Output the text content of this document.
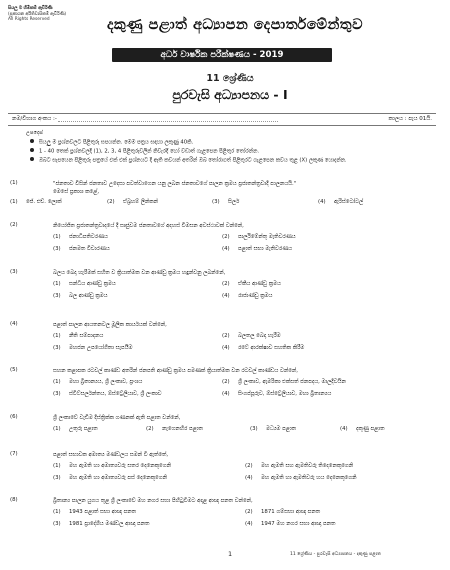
සියලු ම හිමිකම් ඇවිරිණි
(ප්‍රකාශන අයිතිවාසිකම් ඇවිරිණි)
All Rights Reserved	දකුණු පළාත් අධ්‍යාපන දෙපාර්තමේන්තුව
අර්ධ වාර්ෂික පරීක්ෂණය - 2019
11 ශ්‍රේණිය
පුරවැසි අධ්‍යාපනය - I
නම/විභාග අංකය :-	කාලය : පැය 01යි.
උපදෙස්
සියලු ම ප්‍රශ්නවලට පිළිතුරු සපයන්න. මෙම පත්‍රය සඳහා ලකුණු 40කි.
1 - 40 තෙක් ප්‍රශ්නවලදී (1), 2, 3, 4 පිළිතුරුවලින් නිවැරදි හෝ වඩාත් ගැළපෙන පිළිතුර තෝරන්න.
ඔබට සැපයෙන පිළිතුරු පත්‍රයේ එක් එක් ප්‍රශ්නයට දී ඇති කවයන් අතරින් ඔබ තෝරාගත් පිළිතුරට ගැළපෙන කවය තුළ (X) ලකුණ යොදන්න.
(1)	"ජනතාව විසින් ජනතාව උදෙසා පවත්වාගෙන යනු ලබන ජනතාවගේ පාලන ක්‍රමය ප්‍රජාතන්ත්‍රවාදී පාලනයයි."
මෙසේ ප්‍රකාශ කළේ,
(1) ජේ. එච්. ලොක්	(2) ඒබ්‍රහම් ලින්කන්	(3) සිලර්	(4) ඇරිස්ටෝටල්
(2)	නියෝජිත ප්‍රජාතන්ත්‍රවාදයේ දී සෘජුවම ජනතාවගේ අදහස් විමසන අවස්ථාවක් වන්නේ,
(1) ජනාධිපතිවරණය	(2) පාර්ලිමේන්තු මැතිවරණය
(3) ජනමත විචාරණය	(4) පළාත් සභා මැතිවරණය
(3)	බලය බෙදා හැරීමක් සහිත ව ක්‍රියාත්මක වන ආණ්ඩු ක්‍රමය හඳුන්වනු ලබන්නේ,
(1) සන්ධීය ආණ්ඩු ක්‍රමය	(2) ඒකීය ආණ්ඩු ක්‍රමය
(3) බල ආණ්ඩු ක්‍රමය	(4) රාජාණ්ඩු ක්‍රමය
(4)	පළාත් පාලන ආයතනවල මූලික කාර්යයක් වන්නේ,
(1) නීති සම්පාදනය	(2) බලතල බෙදා හැරීම
(3) මහජන උපයෝගිතා සැපයීම	(4) රටේ ආරක්ෂාව සහතික කිරීම
(5)	සහන කළාපක රටවල් කාණ්ඩ අතරින් ජනපති ආණ්ඩු ක්‍රමය පමණක් ක්‍රියාත්මක වන රටවල් කාණ්ඩය වන්නේ,
(1) මහා බ්‍රිතාන්‍යය, ශ්‍රී ලංකාව, ප්‍රංශය	(2) ශ්‍රී ලංකාව, ඇමරිකා එක්සත් ජනපදය, මාලදිවයින
(3) ස්විට්සර්ලන්තය, ඕස්ට්‍රේලියාව, ශ්‍රී ලංකාව	(4) සිංගප්පූරුව, ඕස්ට්‍රේලියාව, මහා බ්‍රිතාන්‍යය
(6)	ශ්‍රී ලංකාවේ වැඩිම දිස්ත්‍රික්ක ගණනක් ඇති පළාත වන්නේ,
(1) උතුරු පළාත	(2) නැගෙනහිර පළාත	(3) මධ්‍යම පළාත	(4) දකුණු පළාත
(7)	පළාත් සභාවක අමාත්‍ය මණ්ඩලය සමන් වී ඇත්තේ,
(1) මහ ඇමති හා අමාත්‍යවරු සතර දෙනෙකුගෙනි	(2) මහ ඇමති සහ ඇමතිවරු තිදෙනෙකුගෙනි
(3) මහ ඇමති හා අමාත්‍යවරු පස් දෙනෙකුගෙනි	(4) මහ ඇමති හා ඇමතිවරු හය දෙනෙකුගෙනි
(8)	බ්‍රිතාන්‍ය පාලන යුගය තුළ ශ්‍රී ලංකාවේ මහ නගර සභා පිහිටුවීමට අදාළ ආඥා පනත වන්නේ,
(1) 1943 පළාත් සභා ආඥා පනත	(2) 1871 ගම්සභා ආඥා පනත
(3) 1981 ප්‍රාදේශීය මණ්ඩල ආඥා පනත	(4) 1947 මහ නගර සභා ආඥා පනත
1	11 ශ්‍රේණිය - පුරවැසි අධ්‍යාපනය - දකුණු පළාත
